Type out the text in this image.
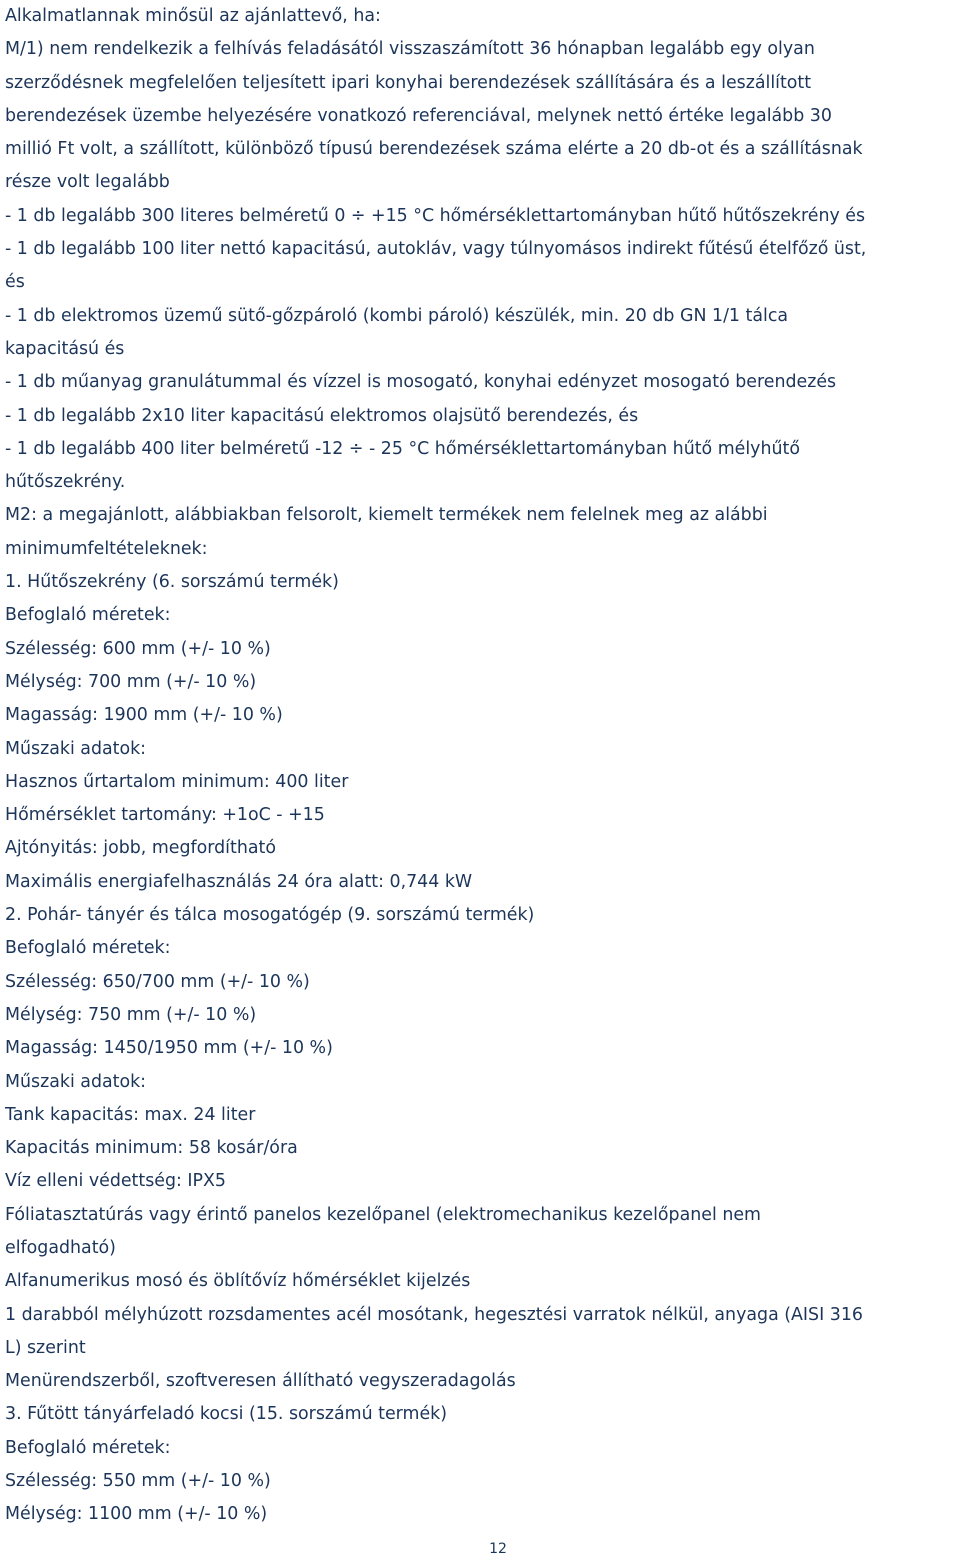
Alkalmatlannak minősül az ajánlattevő, ha:
M/1) nem rendelkezik a felhívás feladásától visszaszámított 36 hónapban legalább egy olyan
szerződésnek megfelelően teljesített ipari konyhai berendezések szállítására és a leszállított
berendezések üzembe helyezésére vonatkozó referenciával, melynek nettó értéke legalább 30
millió Ft volt, a szállított, különböző típusú berendezések száma elérte a 20 db-ot és a szállításnak
része volt legalább
- 1 db legalább 300 literes belméretű 0 ÷ +15 °C hőmérséklettartományban hűtő hűtőszekrény és
- 1 db legalább 100 liter nettó kapacitású, autokláv, vagy túlnyomásos indirekt fűtésű ételfőző üst,
és
- 1 db elektromos üzemű sütő-gőzpároló (kombi pároló) készülék, min. 20 db GN 1/1 tálca
kapacitású és
- 1 db műanyag granulátummal és vízzel is mosogató, konyhai edényzet mosogató berendezés
- 1 db legalább 2x10 liter kapacitású elektromos olajsütő berendezés, és
- 1 db legalább 400 liter belméretű -12 ÷ - 25 °C hőmérséklettartományban hűtő mélyhűtő
hűtőszekrény.
M2: a megajánlott, alábbiakban felsorolt, kiemelt termékek nem felelnek meg az alábbi
minimumfeltételeknek:
1. Hűtőszekrény (6. sorszámú termék)
Befoglaló méretek:
Szélesség: 600 mm (+/- 10 %)
Mélység: 700 mm (+/- 10 %)
Magasság: 1900 mm (+/- 10 %)
Műszaki adatok:
Hasznos űrtartalom minimum: 400 liter
Hőmérséklet tartomány: +1oC - +15
Ajtónyitás: jobb, megfordítható
Maximális energiafelhasználás 24 óra alatt: 0,744 kW
2. Pohár- tányér és tálca mosogatógép (9. sorszámú termék)
Befoglaló méretek:
Szélesség: 650/700 mm (+/- 10 %)
Mélység: 750 mm (+/- 10 %)
Magasság: 1450/1950 mm (+/- 10 %)
Műszaki adatok:
Tank kapacitás: max. 24 liter
Kapacitás minimum: 58 kosár/óra
Víz elleni védettség: IPX5
Fóliatasztatúrás vagy érintő panelos kezelőpanel (elektromechanikus kezelőpanel nem
elfogadható)
Alfanumerikus mosó és öblítővíz hőmérséklet kijelzés
1 darabból mélyhúzott rozsdamentes acél mosótank, hegesztési varratok nélkül, anyaga (AISI 316
L) szerint
Menürendszerből, szoftveresen állítható vegyszeradagolás
3. Fűtött tányárfeladó kocsi (15. sorszámú termék)
Befoglaló méretek:
Szélesség: 550 mm (+/- 10 %)
Mélység: 1100 mm (+/- 10 %)
12
